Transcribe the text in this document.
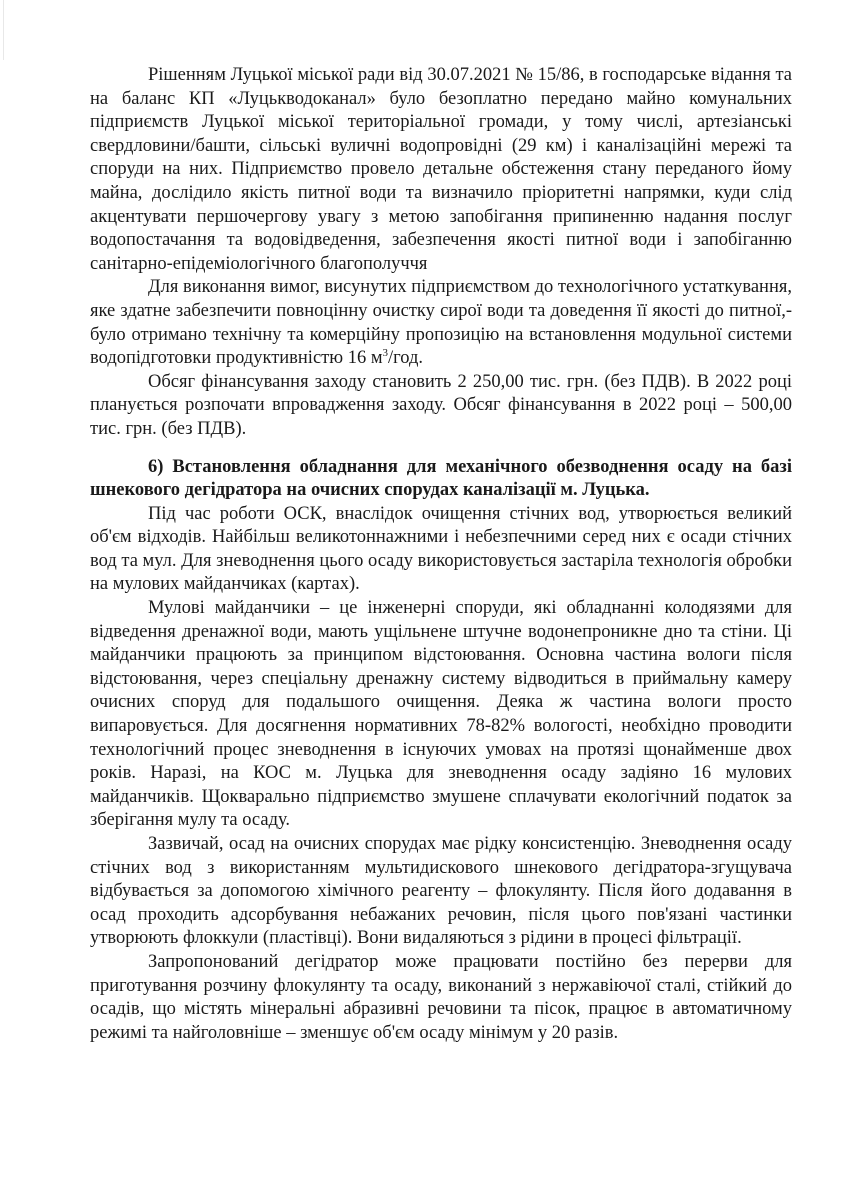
Рішенням Луцької міської ради від 30.07.2021 № 15/86, в господарське відання та на баланс КП «Луцькводоканал» було безоплатно передано майно комунальних підприємств Луцької міської територіальної громади, у тому числі, артезіанські свердловини/башти, сільські вуличні водопровідні (29 км) і каналізаційні мережі та споруди на них. Підприємство провело детальне обстеження стану переданого йому майна, дослідило якість питної води та визначило пріоритетні напрямки, куди слід акцентувати першочергову увагу з метою запобігання припиненню надання послуг водопостачання та водовідведення, забезпечення якості питної води і запобіганню санітарно-епідеміологічного благополуччя

Для виконання вимог, висунутих підприємством до технологічного устаткування, яке здатне забезпечити повноцінну очистку сирої води та доведення її якості до питної,- було отримано технічну та комерційну пропозицію на встановлення модульної системи водопідготовки продуктивністю 16 $м^3$/год.

Обсяг фінансування заходу становить 2 250,00 тис. грн. (без ПДВ). В 2022 році планується розпочати впровадження заходу. Обсяг фінансування в 2022 році – 500,00 тис. грн. (без ПДВ).

6) Встановлення обладнання для механічного обезводнення осаду на базі шнекового дегідратора на очисних спорудах каналізації м. Луцька.

Під час роботи ОСК, внаслідок очищення стічних вод, утворюється великий об'єм відходів. Найбільш великотоннажними і небезпечними серед них є осади стічних вод та мул. Для зневоднення цього осаду використовується застаріла технологія обробки на мулових майданчиках (картах).

Мулові майданчики – це інженерні споруди, які обладнанні колодязями для відведення дренажної води, мають ущільнене штучне водонепроникне дно та стіни. Ці майданчики працюють за принципом відстоювання. Основна частина вологи після відстоювання, через спеціальну дренажну систему відводиться в приймальну камеру очисних споруд для подальшого очищення. Деяка ж частина вологи просто випаровується. Для досягнення нормативних 78-82% вологості, необхідно проводити технологічний процес зневоднення в існуючих умовах на протязі щонайменше двох років. Наразі, на КОС м. Луцька для зневоднення осаду задіяно 16 мулових майданчиків. Щокварально підприємство змушене сплачувати екологічний податок за зберігання мулу та осаду.

Зазвичай, осад на очисних спорудах має рідку консистенцію. Зневоднення осаду стічних вод з використанням мультидискового шнекового дегідратора-згущувача відбувається за допомогою хімічного реагенту – флокулянту. Після його додавання в осад проходить адсорбування небажаних речовин, після цього пов'язані частинки утворюють флоккули (пластівці). Вони видаляються з рідини в процесі фільтрації.

Запропонований дегідратор може працювати постійно без перерви для приготування розчину флокулянту та осаду, виконаний з нержавіючої сталі, стійкий до осадів, що містять мінеральні абразивні речовини та пісок, працює в автоматичному режимі та найголовніше – зменшує об'єм осаду мінімум у 20 разів.
